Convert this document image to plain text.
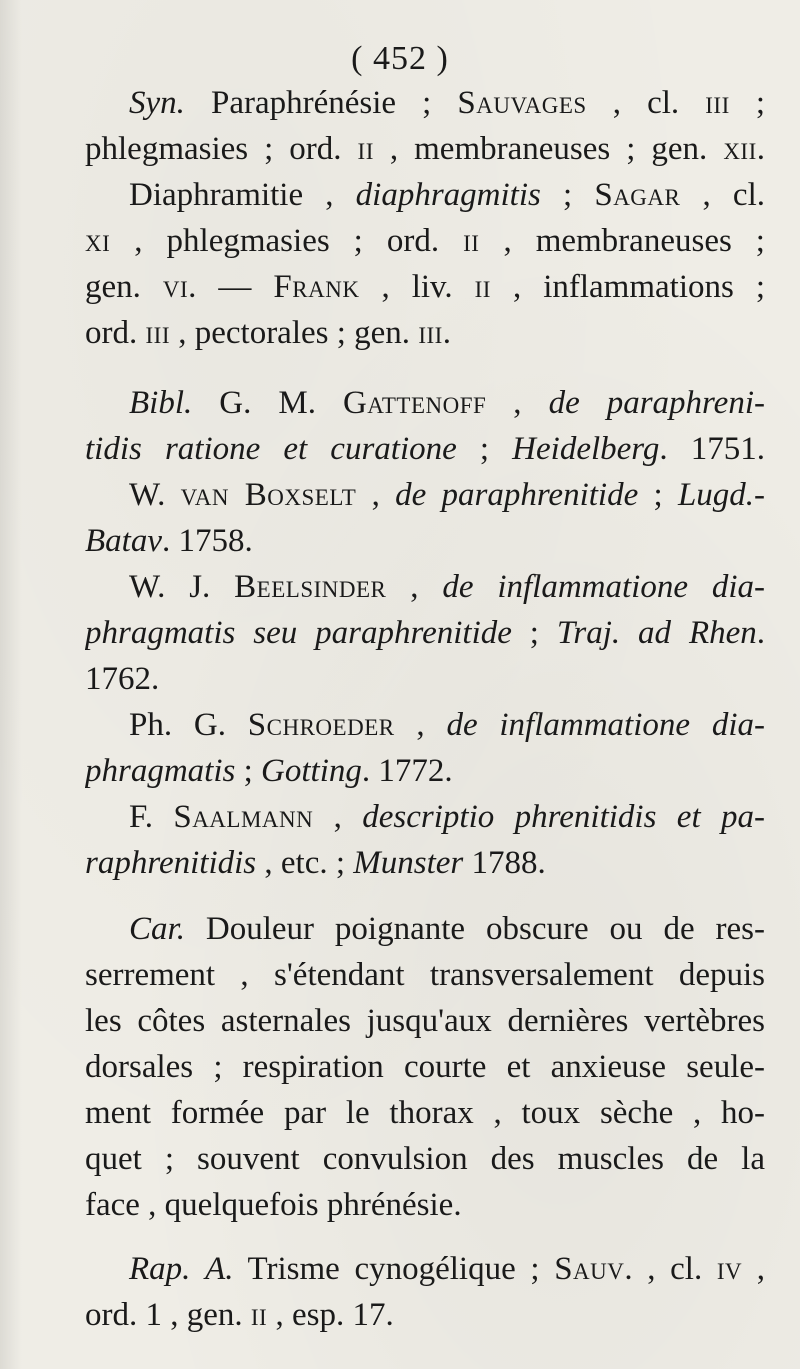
( 452 )
Syn. Paraphrénésie ; Sauvages , cl. iii ;
phlegmasies ; ord. ii , membraneuses ; gen. xii.
Diaphramitie , diaphragmitis ; Sagar , cl.
xi , phlegmasies ; ord. ii , membraneuses ;
gen. vi. — Frank , liv. ii , inflammations ;
ord. iii , pectorales ; gen. iii.
Bibl. G. M. Gattenoff , de paraphreni-
tidis ratione et curatione ; Heidelberg. 1751.
W. van Boxselt , de paraphrenitide ; Lugd.-
Batav. 1758.
W. J. Beelsinder , de inflammatione dia-
phragmatis seu paraphrenitide ; Traj. ad Rhen.
1762.
Ph. G. Schroeder , de inflammatione dia-
phragmatis ; Gotting. 1772.
F. Saalmann , descriptio phrenitidis et pa-
raphrenitidis , etc. ; Munster 1788.
Car. Douleur poignante obscure ou de res-
serrement , s'étendant transversalement depuis
les côtes asternales jusqu'aux dernières vertèbres
dorsales ; respiration courte et anxieuse seule-
ment formée par le thorax , toux sèche , ho-
quet ; souvent convulsion des muscles de la
face , quelquefois phrénésie.
Rap. A. Trisme cynogélique ; Sauv. , cl. iv ,
ord. 1 , gen. ii , esp. 17.
